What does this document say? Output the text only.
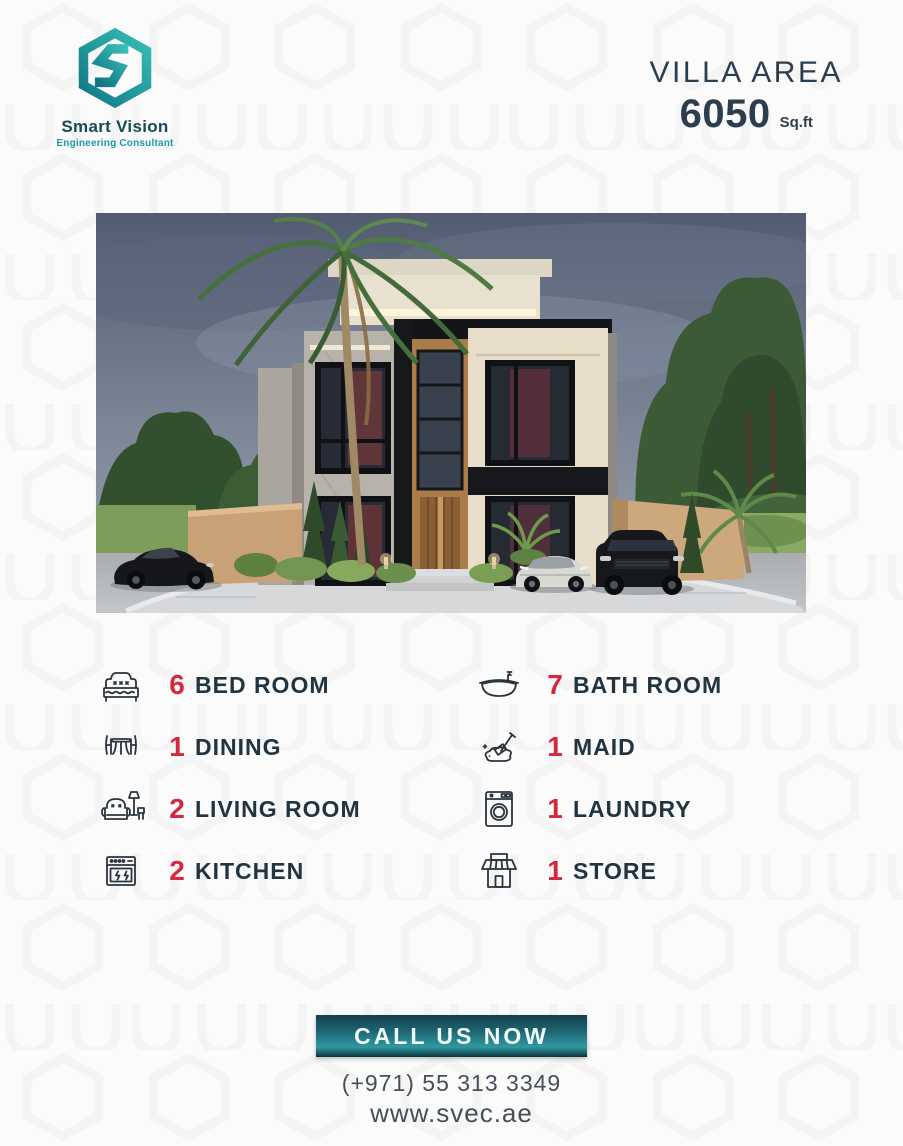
Smart Vision
Engineering Consultant
VILLA AREA
6050 Sq.ft
6 BED ROOM	7 BATH ROOM
1 DINING	1 MAID
2 LIVING ROOM	1 LAUNDRY
2 KITCHEN	1 STORE
CALL US NOW
(+971) 55 313 3349
www.svec.ae
